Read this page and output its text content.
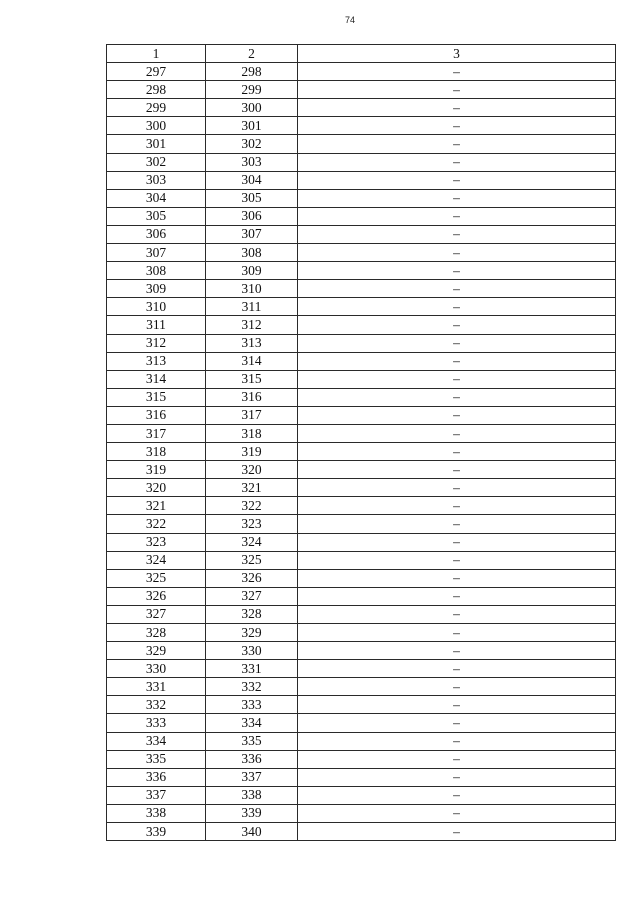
74
1	2	3
297	298	–
298	299	–
299	300	–
300	301	–
301	302	–
302	303	–
303	304	–
304	305	–
305	306	–
306	307	–
307	308	–
308	309	–
309	310	–
310	311	–
311	312	–
312	313	–
313	314	–
314	315	–
315	316	–
316	317	–
317	318	–
318	319	–
319	320	–
320	321	–
321	322	–
322	323	–
323	324	–
324	325	–
325	326	–
326	327	–
327	328	–
328	329	–
329	330	–
330	331	–
331	332	–
332	333	–
333	334	–
334	335	–
335	336	–
336	337	–
337	338	–
338	339	–
339	340	–
